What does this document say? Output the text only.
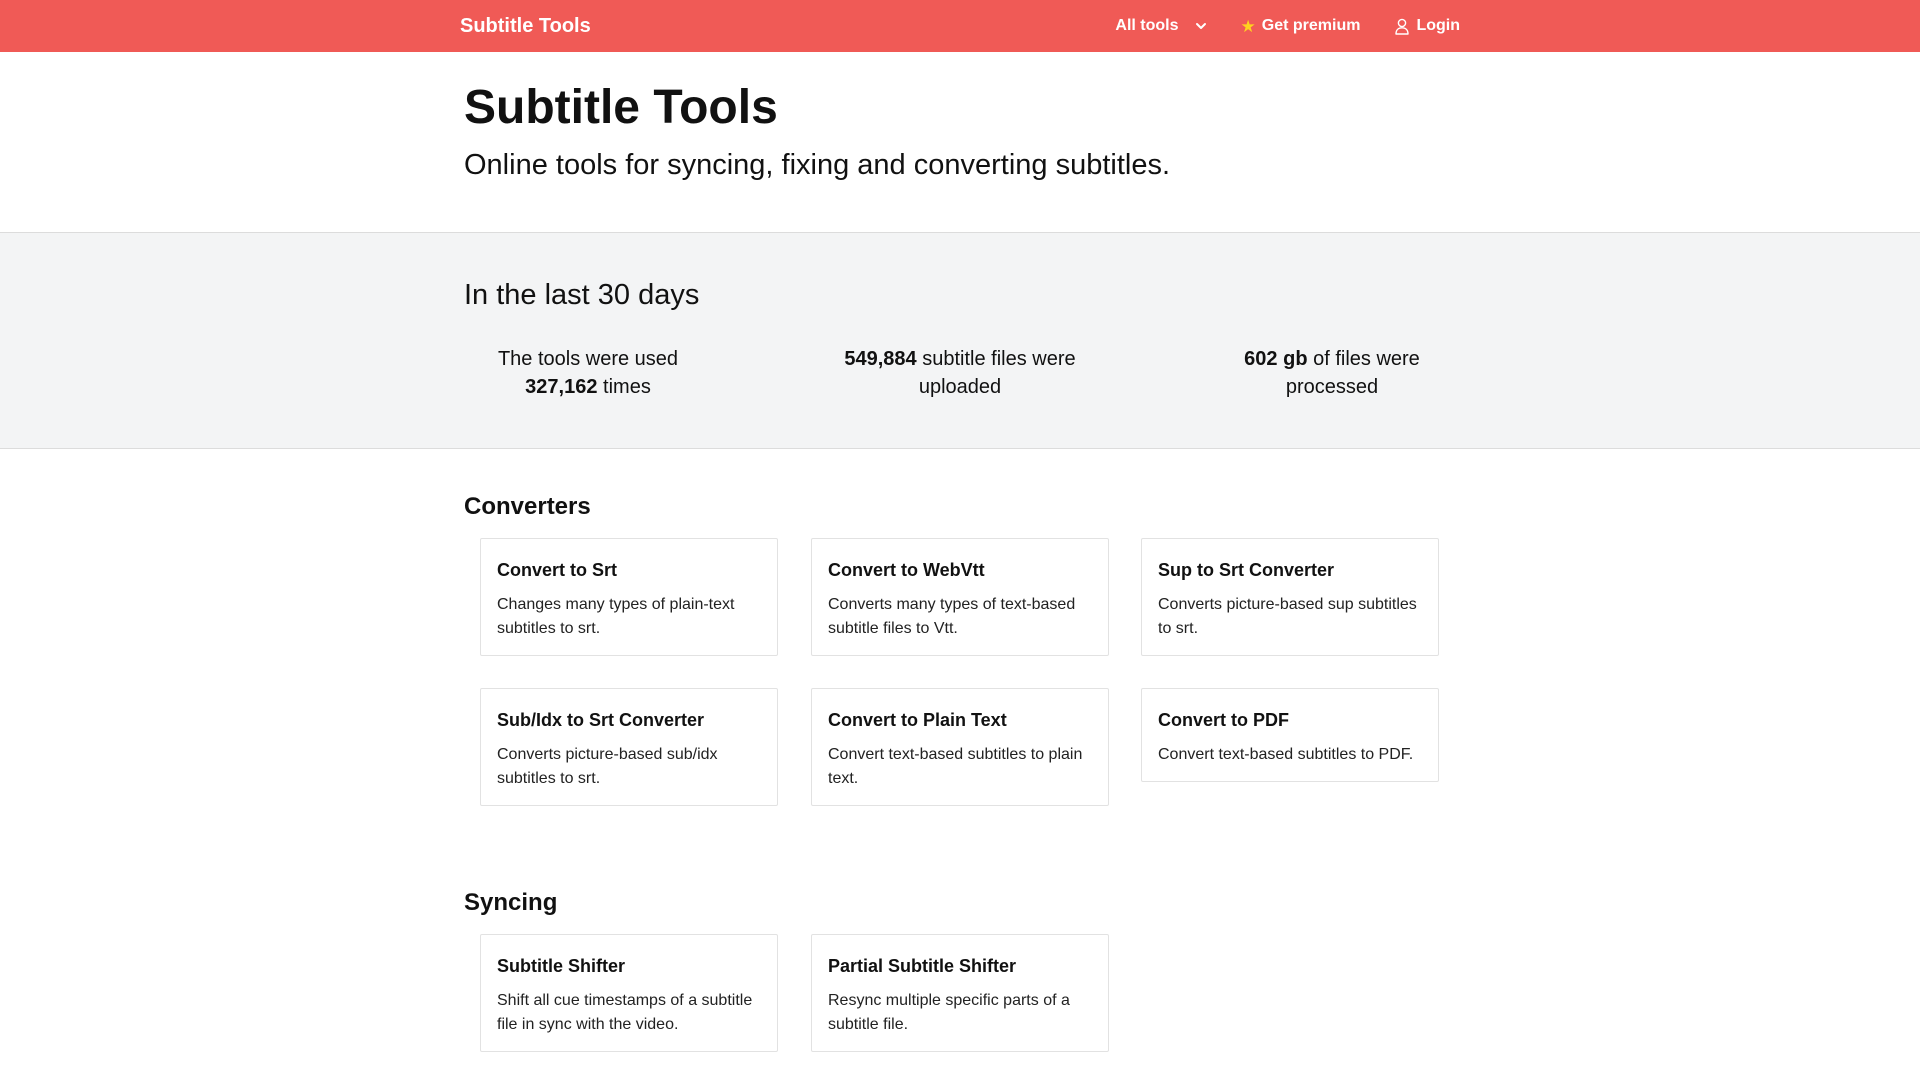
Subtitle Tools	All tools	★ Get premium	Login
Subtitle Tools

Online tools for syncing, fixing and converting subtitles.

In the last 30 days
The tools were used
327,162 times
549,884 subtitle files were uploaded
602 gb of files were processed
Converters
Convert to Srt
Changes many types of plain-text subtitles to srt.
Convert to WebVtt
Converts many types of text-based subtitle files to Vtt.
Sup to Srt Converter
Converts picture-based sup subtitles to srt.
Sub/Idx to Srt Converter
Converts picture-based sub/idx subtitles to srt.
Convert to Plain Text
Convert text-based subtitles to plain text.
Convert to PDF
Convert text-based subtitles to PDF.
Syncing
Subtitle Shifter
Shift all cue timestamps of a subtitle file in sync with the video.
Partial Subtitle Shifter
Resync multiple specific parts of a subtitle file.
